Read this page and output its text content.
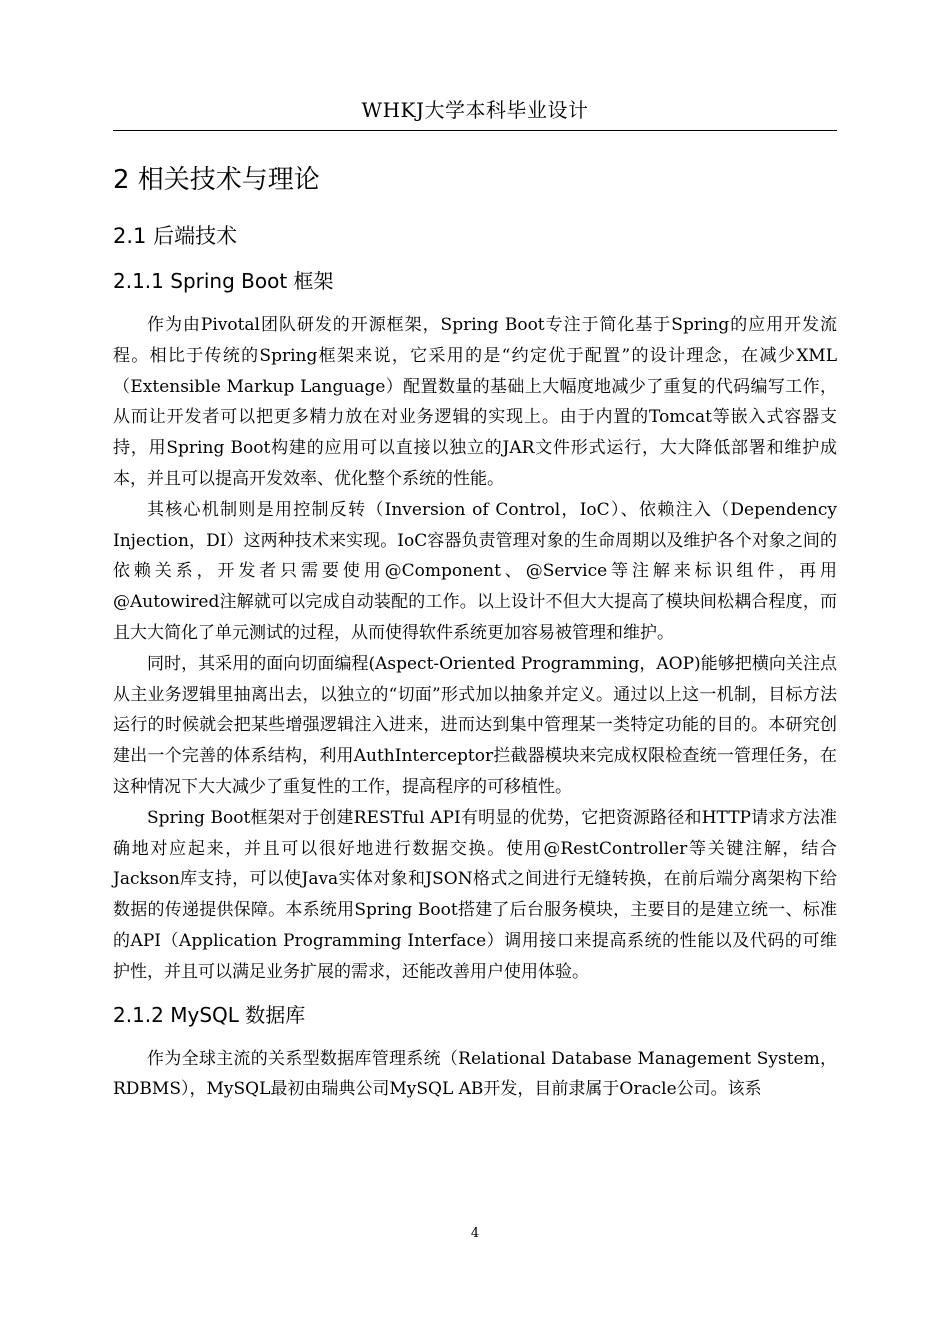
WHKJ大学本科毕业设计
2 相关技术与理论
2.1 后端技术
2.1.1 Spring Boot 框架

作为由Pivotal团队研发的开源框架，Spring Boot专注于简化基于Spring的应用开发流程。相比于传统的Spring框架来说，它采用的是“约定优于配置”的设计理念，在减少XML（Extensible Markup Language）配置数量的基础上大幅度地减少了重复的代码编写工作，从而让开发者可以把更多精力放在对业务逻辑的实现上。由于内置的Tomcat等嵌入式容器支持，用Spring Boot构建的应用可以直接以独立的JAR文件形式运行，大大降低部署和维护成本，并且可以提高开发效率、优化整个系统的性能。

其核心机制则是用控制反转（Inversion of Control，IoC）、依赖注入（Dependency Injection，DI）这两种技术来实现。IoC容器负责管理对象的生命周期以及维护各个对象之间的依赖关系，开发者只需要使用@Component、@Service等注解来标识组件，再用@Autowired注解就可以完成自动装配的工作。以上设计不但大大提高了模块间松耦合程度，而且大大简化了单元测试的过程，从而使得软件系统更加容易被管理和维护。

同时，其采用的面向切面编程(Aspect-Oriented Programming，AOP)能够把横向关注点从主业务逻辑里抽离出去，以独立的“切面”形式加以抽象并定义。通过以上这一机制，目标方法运行的时候就会把某些增强逻辑注入进来，进而达到集中管理某一类特定功能的目的。本研究创建出一个完善的体系结构，利用AuthInterceptor拦截器模块来完成权限检查统一管理任务，在这种情况下大大减少了重复性的工作，提高程序的可移植性。

Spring Boot框架对于创建RESTful API有明显的优势，它把资源路径和HTTP请求方法准确地对应起来，并且可以很好地进行数据交换。使用@RestController等关键注解，结合Jackson库支持，可以使Java实体对象和JSON格式之间进行无缝转换，在前后端分离架构下给数据的传递提供保障。本系统用Spring Boot搭建了后台服务模块，主要目的是建立统一、标准的API（Application Programming Interface）调用接口来提高系统的性能以及代码的可维护性，并且可以满足业务扩展的需求，还能改善用户使用体验。

2.1.2 MySQL 数据库

作为全球主流的关系型数据库管理系统（Relational Database Management System，RDBMS），MySQL最初由瑞典公司MySQL AB开发，目前隶属于Oracle公司。该系

4
